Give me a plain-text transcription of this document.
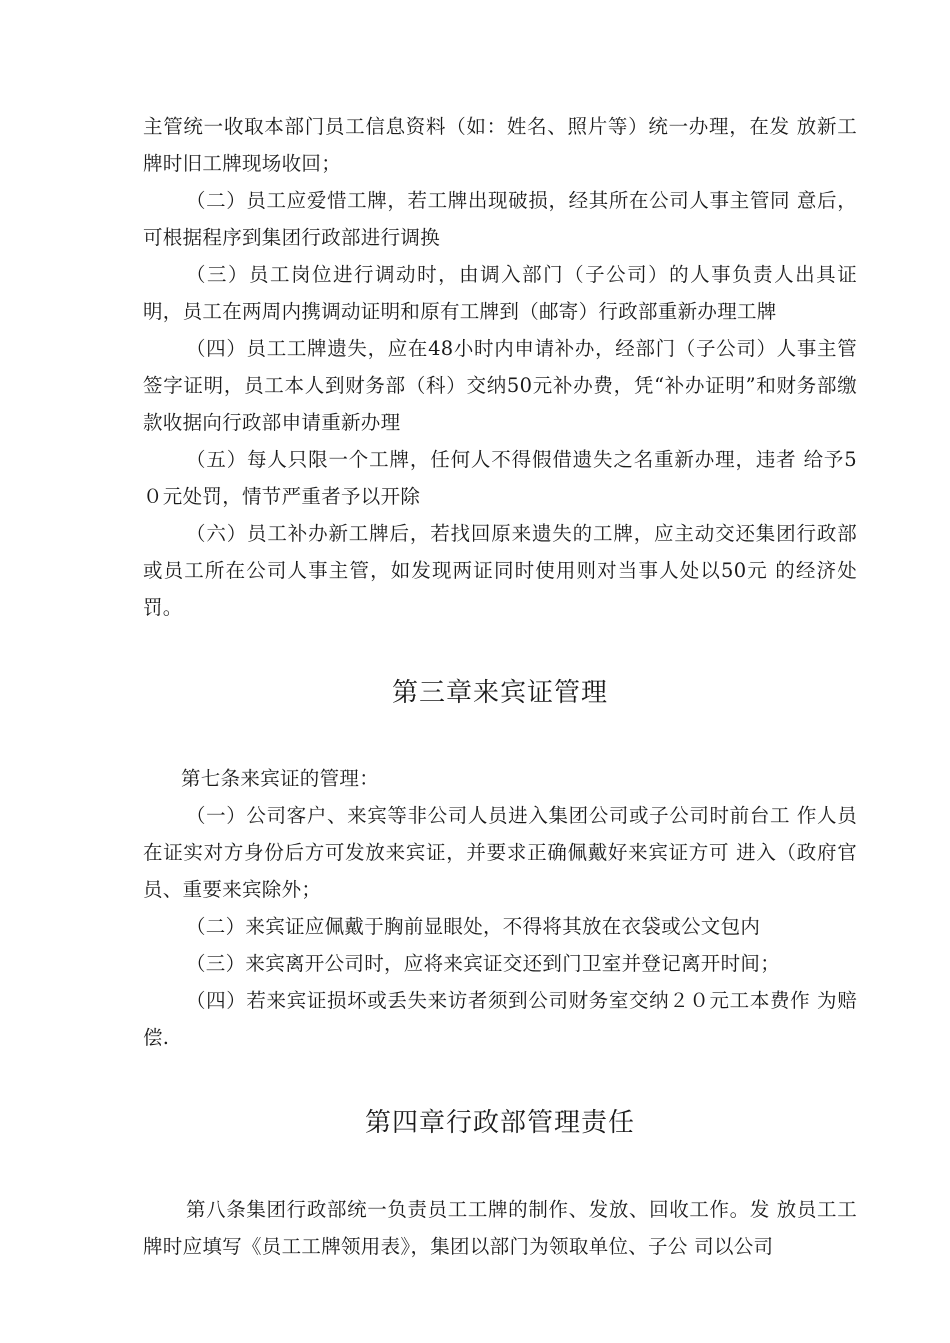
主管统一收取本部门员工信息资料（如：姓名、照片等）统一办理，在发 放新工牌时旧工牌现场收回；

（二）员工应爱惜工牌，若工牌出现破损，经其所在公司人事主管同 意后，可根据程序到集团行政部进行调换

（三）员工岗位进行调动时，由调入部门（子公司）的人事负责人出具证明，员工在两周内携调动证明和原有工牌到（邮寄）行政部重新办理工牌

（四）员工工牌遗失，应在48小时内申请补办，经部门（子公司）人事主管签字证明，员工本人到财务部（科）交纳50元补办费，凭“补办证明”和财务部缴款收据向行政部申请重新办理

（五）每人只限一个工牌，任何人不得假借遗失之名重新办理，违者 给予5０元处罚，情节严重者予以开除

（六）员工补办新工牌后，若找回原来遗失的工牌，应主动交还集团行政部或员工所在公司人事主管，如发现两证同时使用则对当事人处以50元 的经济处罚。

第三章来宾证管理

第七条来宾证的管理：

（一）公司客户、来宾等非公司人员进入集团公司或子公司时前台工 作人员在证实对方身份后方可发放来宾证，并要求正确佩戴好来宾证方可 进入（政府官员、重要来宾除外；

（二）来宾证应佩戴于胸前显眼处，不得将其放在衣袋或公文包内

（三）来宾离开公司时，应将来宾证交还到门卫室并登记离开时间；

（四）若来宾证损坏或丢失来访者须到公司财务室交纳２０元工本费作 为赔偿.

第四章行政部管理责任

第八条集团行政部统一负责员工工牌的制作、发放、回收工作。发 放员工工牌时应填写《员工工牌领用表》，集团以部门为领取单位、子公 司以公司
